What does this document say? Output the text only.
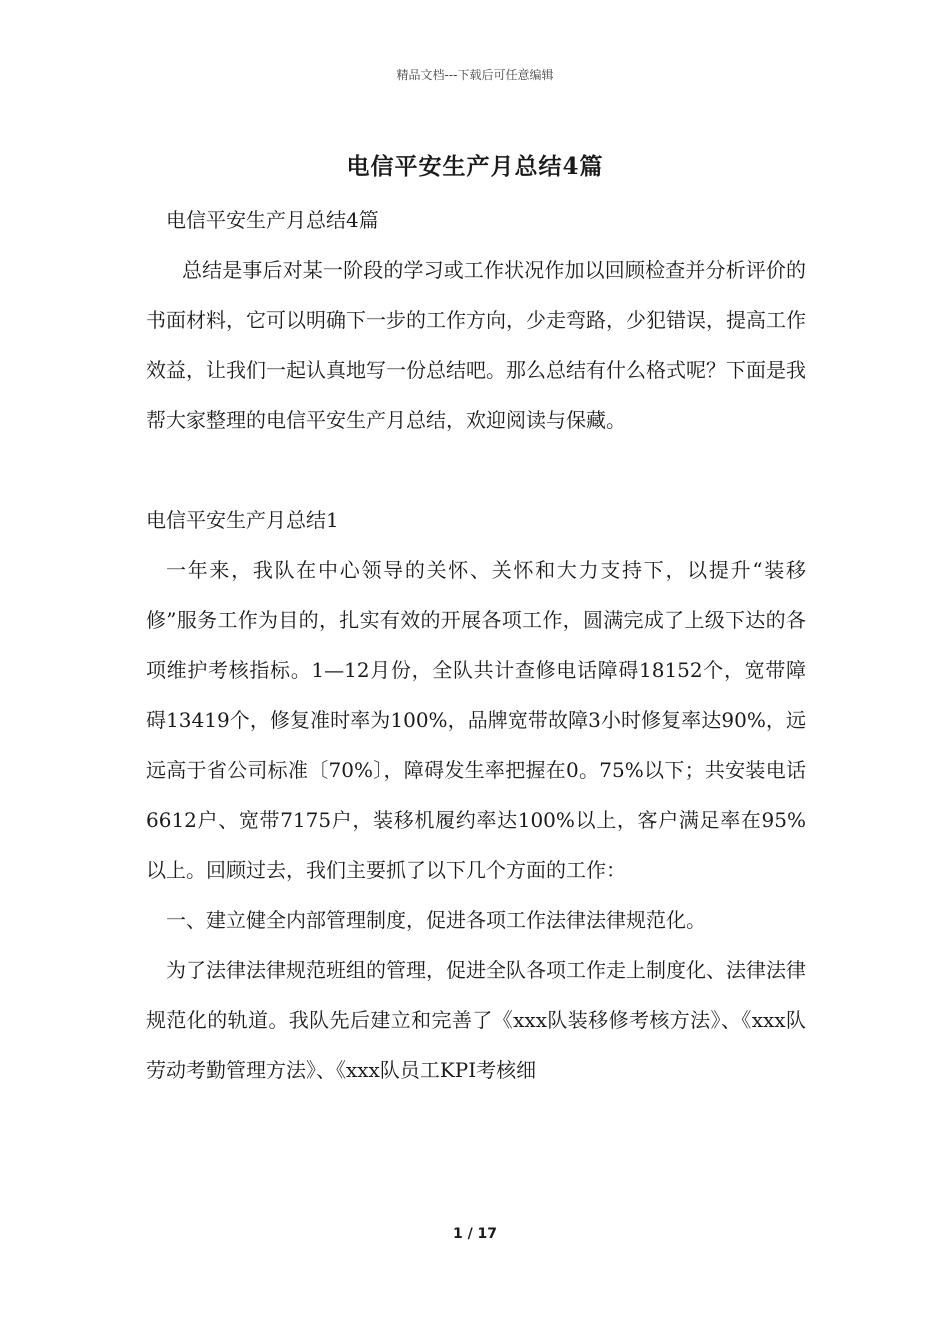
精品文档---下载后可任意编辑
电信平安生产月总结4篇

电信平安生产月总结4篇

总结是事后对某一阶段的学习或工作状况作加以回顾检查并分析评价的书面材料，它可以明确下一步的工作方向，少走弯路，少犯错误，提高工作效益，让我们一起认真地写一份总结吧。那么总结有什么格式呢？下面是我帮大家整理的电信平安生产月总结，欢迎阅读与保藏。

电信平安生产月总结1

一年来，我队在中心领导的关怀、关怀和大力支持下，以提升“装移修”服务工作为目的，扎实有效的开展各项工作，圆满完成了上级下达的各项维护考核指标。1—12月份，全队共计查修电话障碍18152个，宽带障碍13419个，修复准时率为100%，品牌宽带故障3小时修复率达90%，远远高于省公司标准〔70%〕，障碍发生率把握在0。75%以下；共安装电话6612户、宽带7175户，装移机履约率达100%以上，客户满足率在95%以上。回顾过去，我们主要抓了以下几个方面的工作：

一、建立健全内部管理制度，促进各项工作法律法律规范化。

为了法律法律规范班组的管理，促进全队各项工作走上制度化、法律法律规范化的轨道。我队先后建立和完善了《xxx队装移修考核方法》、《xxx队劳动考勤管理方法》、《xxx队员工KPI考核细

1 / 17
